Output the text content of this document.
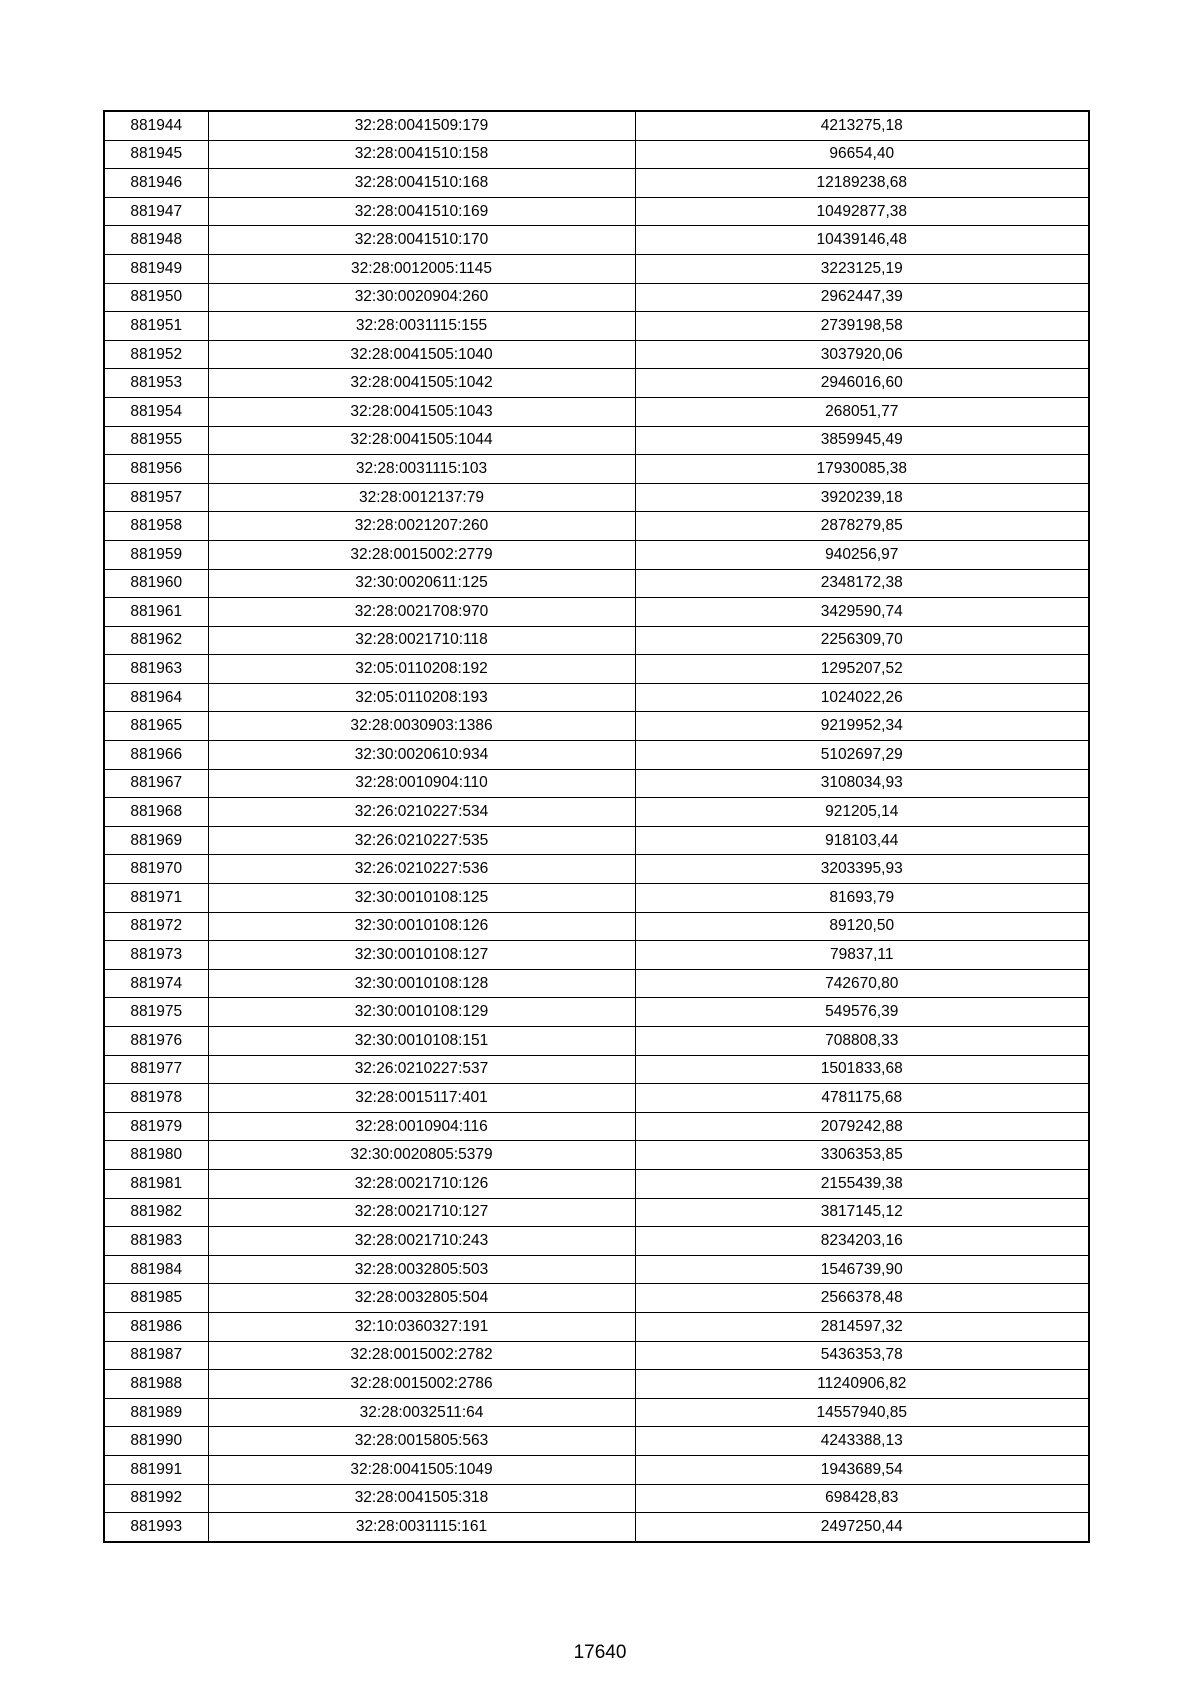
881944	32:28:0041509:179	4213275,18
881945	32:28:0041510:158	96654,40
881946	32:28:0041510:168	12189238,68
881947	32:28:0041510:169	10492877,38
881948	32:28:0041510:170	10439146,48
881949	32:28:0012005:1145	3223125,19
881950	32:30:0020904:260	2962447,39
881951	32:28:0031115:155	2739198,58
881952	32:28:0041505:1040	3037920,06
881953	32:28:0041505:1042	2946016,60
881954	32:28:0041505:1043	268051,77
881955	32:28:0041505:1044	3859945,49
881956	32:28:0031115:103	17930085,38
881957	32:28:0012137:79	3920239,18
881958	32:28:0021207:260	2878279,85
881959	32:28:0015002:2779	940256,97
881960	32:30:0020611:125	2348172,38
881961	32:28:0021708:970	3429590,74
881962	32:28:0021710:118	2256309,70
881963	32:05:0110208:192	1295207,52
881964	32:05:0110208:193	1024022,26
881965	32:28:0030903:1386	9219952,34
881966	32:30:0020610:934	5102697,29
881967	32:28:0010904:110	3108034,93
881968	32:26:0210227:534	921205,14
881969	32:26:0210227:535	918103,44
881970	32:26:0210227:536	3203395,93
881971	32:30:0010108:125	81693,79
881972	32:30:0010108:126	89120,50
881973	32:30:0010108:127	79837,11
881974	32:30:0010108:128	742670,80
881975	32:30:0010108:129	549576,39
881976	32:30:0010108:151	708808,33
881977	32:26:0210227:537	1501833,68
881978	32:28:0015117:401	4781175,68
881979	32:28:0010904:116	2079242,88
881980	32:30:0020805:5379	3306353,85
881981	32:28:0021710:126	2155439,38
881982	32:28:0021710:127	3817145,12
881983	32:28:0021710:243	8234203,16
881984	32:28:0032805:503	1546739,90
881985	32:28:0032805:504	2566378,48
881986	32:10:0360327:191	2814597,32
881987	32:28:0015002:2782	5436353,78
881988	32:28:0015002:2786	11240906,82
881989	32:28:0032511:64	14557940,85
881990	32:28:0015805:563	4243388,13
881991	32:28:0041505:1049	1943689,54
881992	32:28:0041505:318	698428,83
881993	32:28:0031115:161	2497250,44
17640
